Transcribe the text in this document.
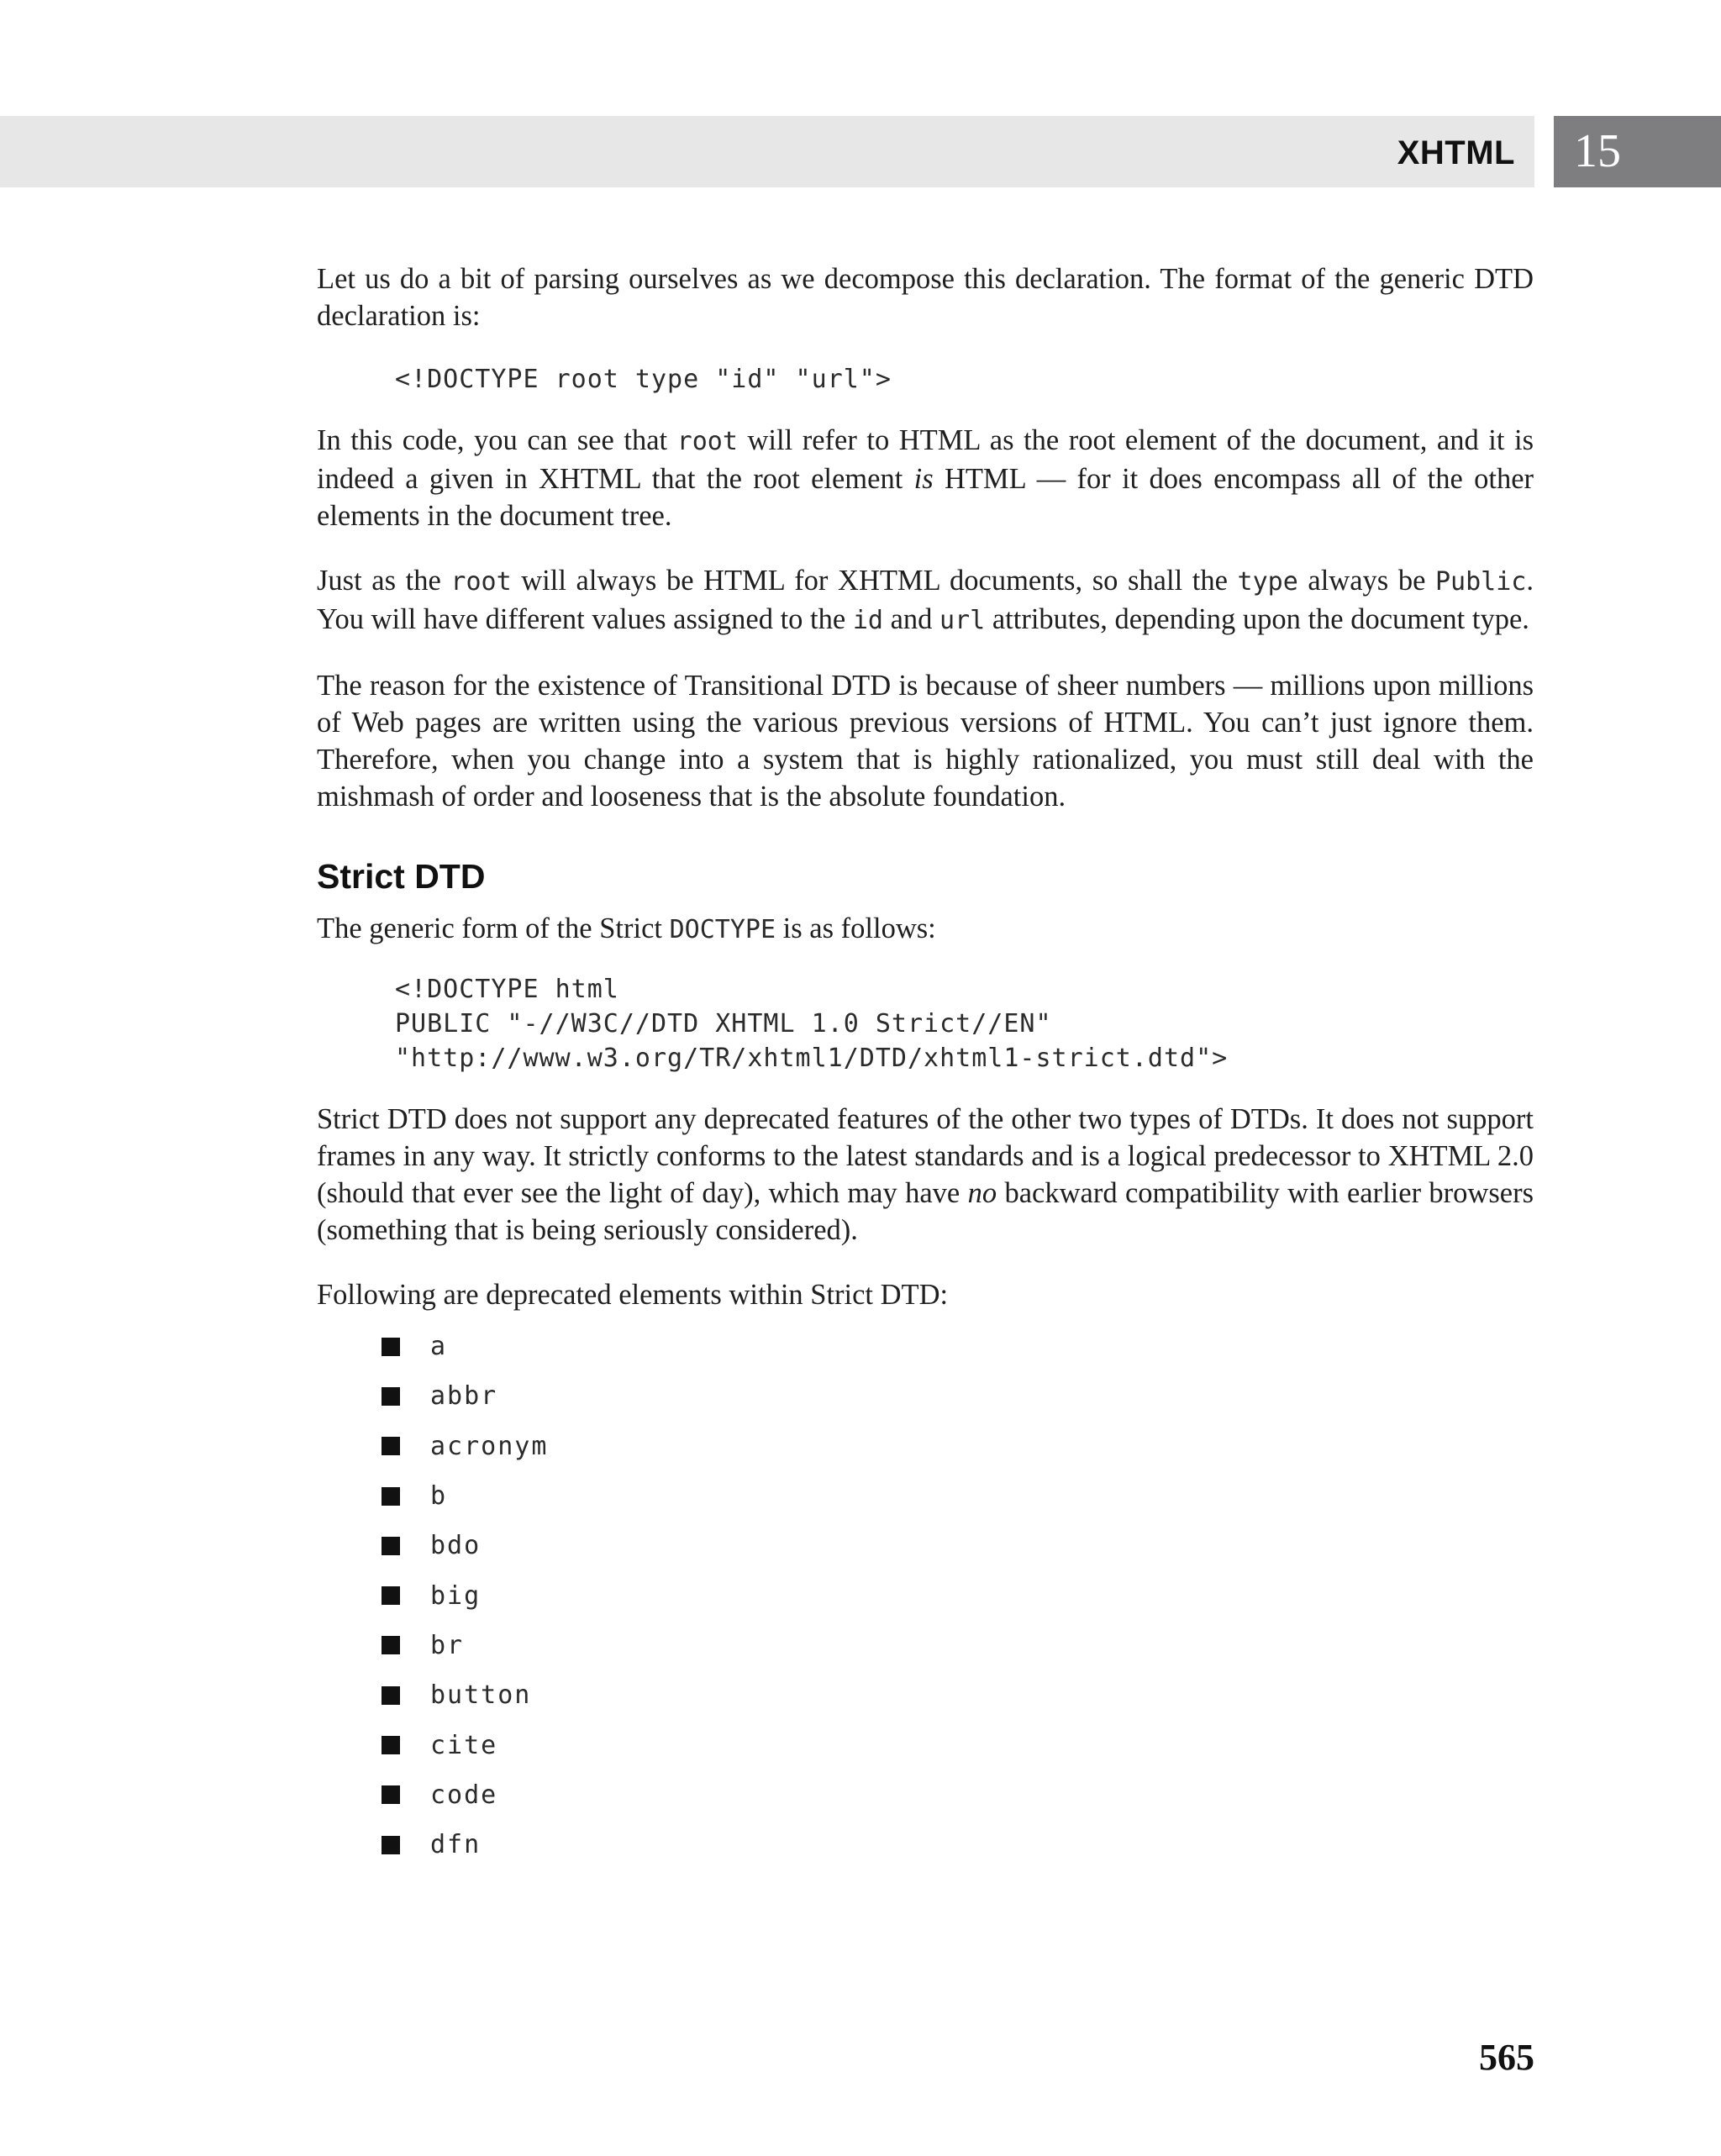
XHTML 15

Let us do a bit of parsing ourselves as we decompose this declaration. The format of the generic DTD declaration is:

<!DOCTYPE root type "id" "url">

In this code, you can see that root will refer to HTML as the root element of the document, and it is indeed a given in XHTML that the root element is HTML — for it does encompass all of the other elements in the document tree.

Just as the root will always be HTML for XHTML documents, so shall the type always be Public. You will have different values assigned to the id and url attributes, depending upon the document type.

The reason for the existence of Transitional DTD is because of sheer numbers — millions upon millions of Web pages are written using the various previous versions of HTML. You can’t just ignore them. Therefore, when you change into a system that is highly rationalized, you must still deal with the mishmash of order and looseness that is the absolute foundation.

Strict DTD

The generic form of the Strict DOCTYPE is as follows:

<!DOCTYPE html
PUBLIC "-//W3C//DTD XHTML 1.0 Strict//EN"
"http://www.w3.org/TR/xhtml1/DTD/xhtml1-strict.dtd">

Strict DTD does not support any deprecated features of the other two types of DTDs. It does not support frames in any way. It strictly conforms to the latest standards and is a logical predecessor to XHTML 2.0 (should that ever see the light of day), which may have no backward compatibility with earlier browsers (something that is being seriously considered).

Following are deprecated elements within Strict DTD:

a
abbr
acronym
b
bdo
big
br
button
cite
code
dfn
565
